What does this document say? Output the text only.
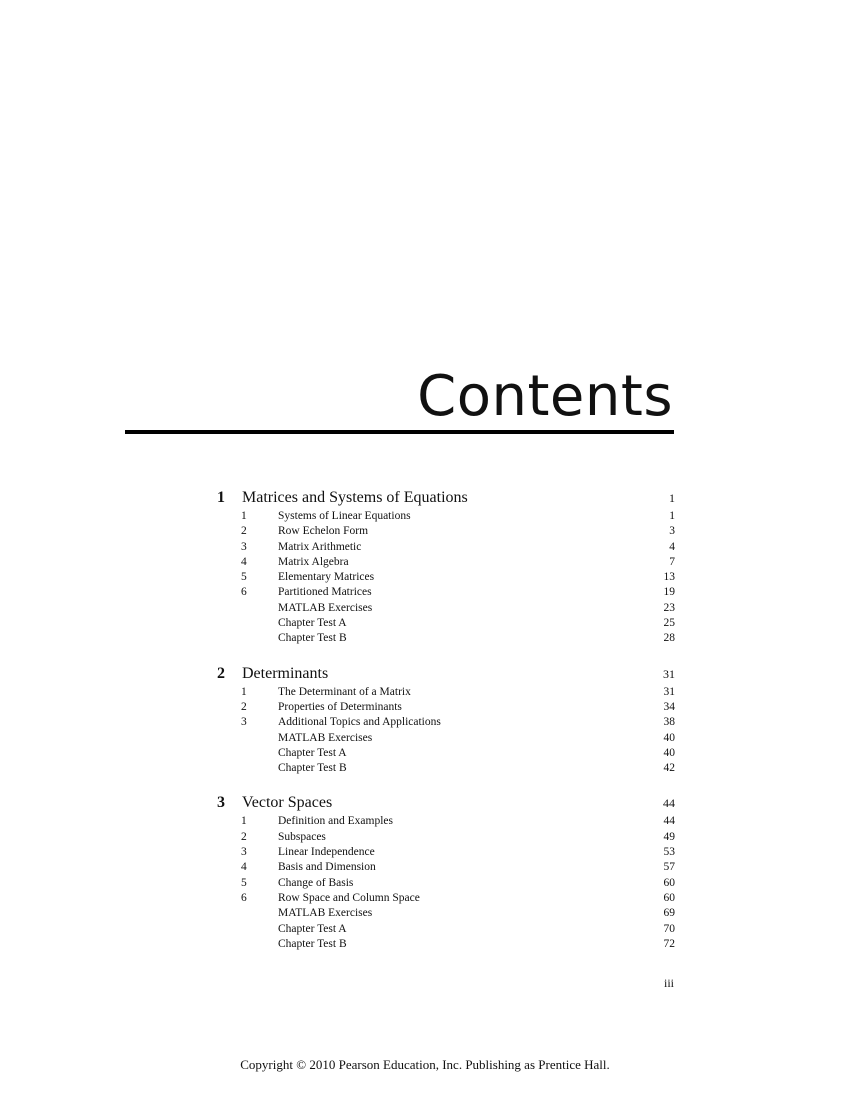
Contents
1 Matrices and Systems of Equations	1
1	Systems of Linear Equations	1
2	Row Echelon Form	3
3	Matrix Arithmetic	4
4	Matrix Algebra	7
5	Elementary Matrices	13
6	Partitioned Matrices	19
MATLAB Exercises	23
Chapter Test A	25
Chapter Test B	28
2 Determinants	31
1	The Determinant of a Matrix	31
2	Properties of Determinants	34
3	Additional Topics and Applications	38
MATLAB Exercises	40
Chapter Test A	40
Chapter Test B	42
3 Vector Spaces	44
1	Definition and Examples	44
2	Subspaces	49
3	Linear Independence	53
4	Basis and Dimension	57
5	Change of Basis	60
6	Row Space and Column Space	60
MATLAB Exercises	69
Chapter Test A	70
Chapter Test B	72
iii
Copyright © 2010 Pearson Education, Inc. Publishing as Prentice Hall.
